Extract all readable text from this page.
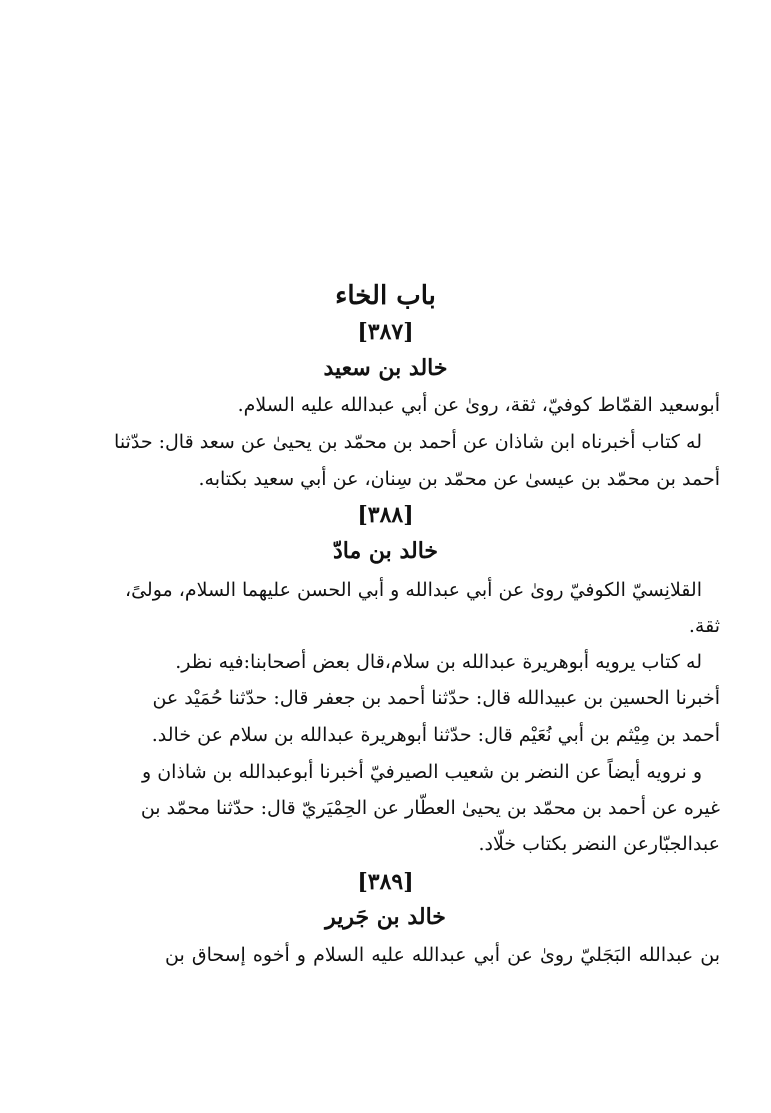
باب الخاء
[٣٨٧]
خالد بن سعيد
أبوسعيد القمّاط كوفيّ، ثقة، روىٰ عن أبي عبدالله عليه السلام.
له كتاب أخبرناه ابن شاذان عن أحمد بن محمّد بن يحيىٰ عن سعد قال: حدّثنا
أحمد بن محمّد بن عيسىٰ عن محمّد بن سِنان، عن أبي سعيد بكتابه.
[٣٨٨]
خالد بن مادّ
القلانِسيّ الكوفيّ روىٰ عن أبي عبدالله و أبي الحسن عليهما السلام، مولىً،
ثقة.
له كتاب يرويه أبوهريرة عبدالله بن سلام،قال بعض أصحابنا:فيه نظر.
أخبرنا الحسين بن عبيدالله قال: حدّثنا أحمد بن جعفر قال: حدّثنا حُمَيْد عن
أحمد بن مِيْثم بن أبي نُعَيْم قال: حدّثنا أبوهريرة عبدالله بن سلام عن خالد.
و نرويه أيضاً عن النضر بن شعيب الصيرفيّ أخبرنا أبوعبدالله بن شاذان و
غيره عن أحمد بن محمّد بن يحيىٰ العطّار عن الحِمْيَريّ قال: حدّثنا محمّد بن
عبدالجبّارعن النضر بكتاب خلّاد.
[٣٨٩]
خالد بن جَرير
بن عبدالله البَجَليّ روىٰ عن أبي عبدالله عليه السلام و أخوه إسحاق بن
